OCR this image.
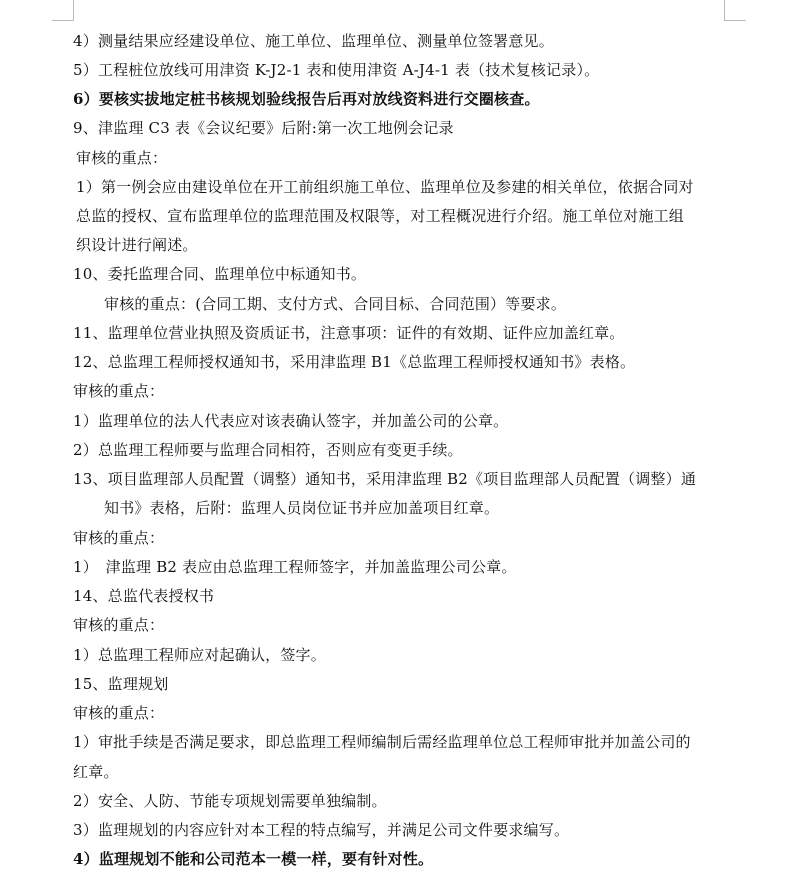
4）测量结果应经建设单位、施工单位、监理单位、测量单位签署意见。
5）工程桩位放线可用津资 K-J2-1 表和使用津资 A-J4-1 表（技术复核记录）。
6）要核实拔地定桩书核规划验线报告后再对放线资料进行交圈核查。
9、津监理 C3 表《会议纪要》后附:第一次工地例会记录
审核的重点：
1）第一例会应由建设单位在开工前组织施工单位、监理单位及参建的相关单位，依据合同对
总监的授权、宣布监理单位的监理范围及权限等，对工程概况进行介绍。施工单位对施工组
织设计进行阐述。
10、委托监理合同、监理单位中标通知书。
审核的重点：(合同工期、支付方式、合同目标、合同范围）等要求。
11、监理单位营业执照及资质证书，注意事项：证件的有效期、证件应加盖红章。
12、总监理工程师授权通知书，采用津监理 B1《总监理工程师授权通知书》表格。
审核的重点：
1）监理单位的法人代表应对该表确认签字，并加盖公司的公章。
2）总监理工程师要与监理合同相符，否则应有变更手续。
13、项目监理部人员配置（调整）通知书，采用津监理 B2《项目监理部人员配置（调整）通
知书》表格，后附：监理人员岗位证书并应加盖项目红章。
审核的重点：
1）　津监理 B2 表应由总监理工程师签字，并加盖监理公司公章。
14、总监代表授权书
审核的重点：
1）总监理工程师应对起确认，签字。
15、监理规划
审核的重点：
1）审批手续是否满足要求，即总监理工程师编制后需经监理单位总工程师审批并加盖公司的
红章。
2）安全、人防、节能专项规划需要单独编制。
3）监理规划的内容应针对本工程的特点编写，并满足公司文件要求编写。
4）监理规划不能和公司范本一模一样，要有针对性。
